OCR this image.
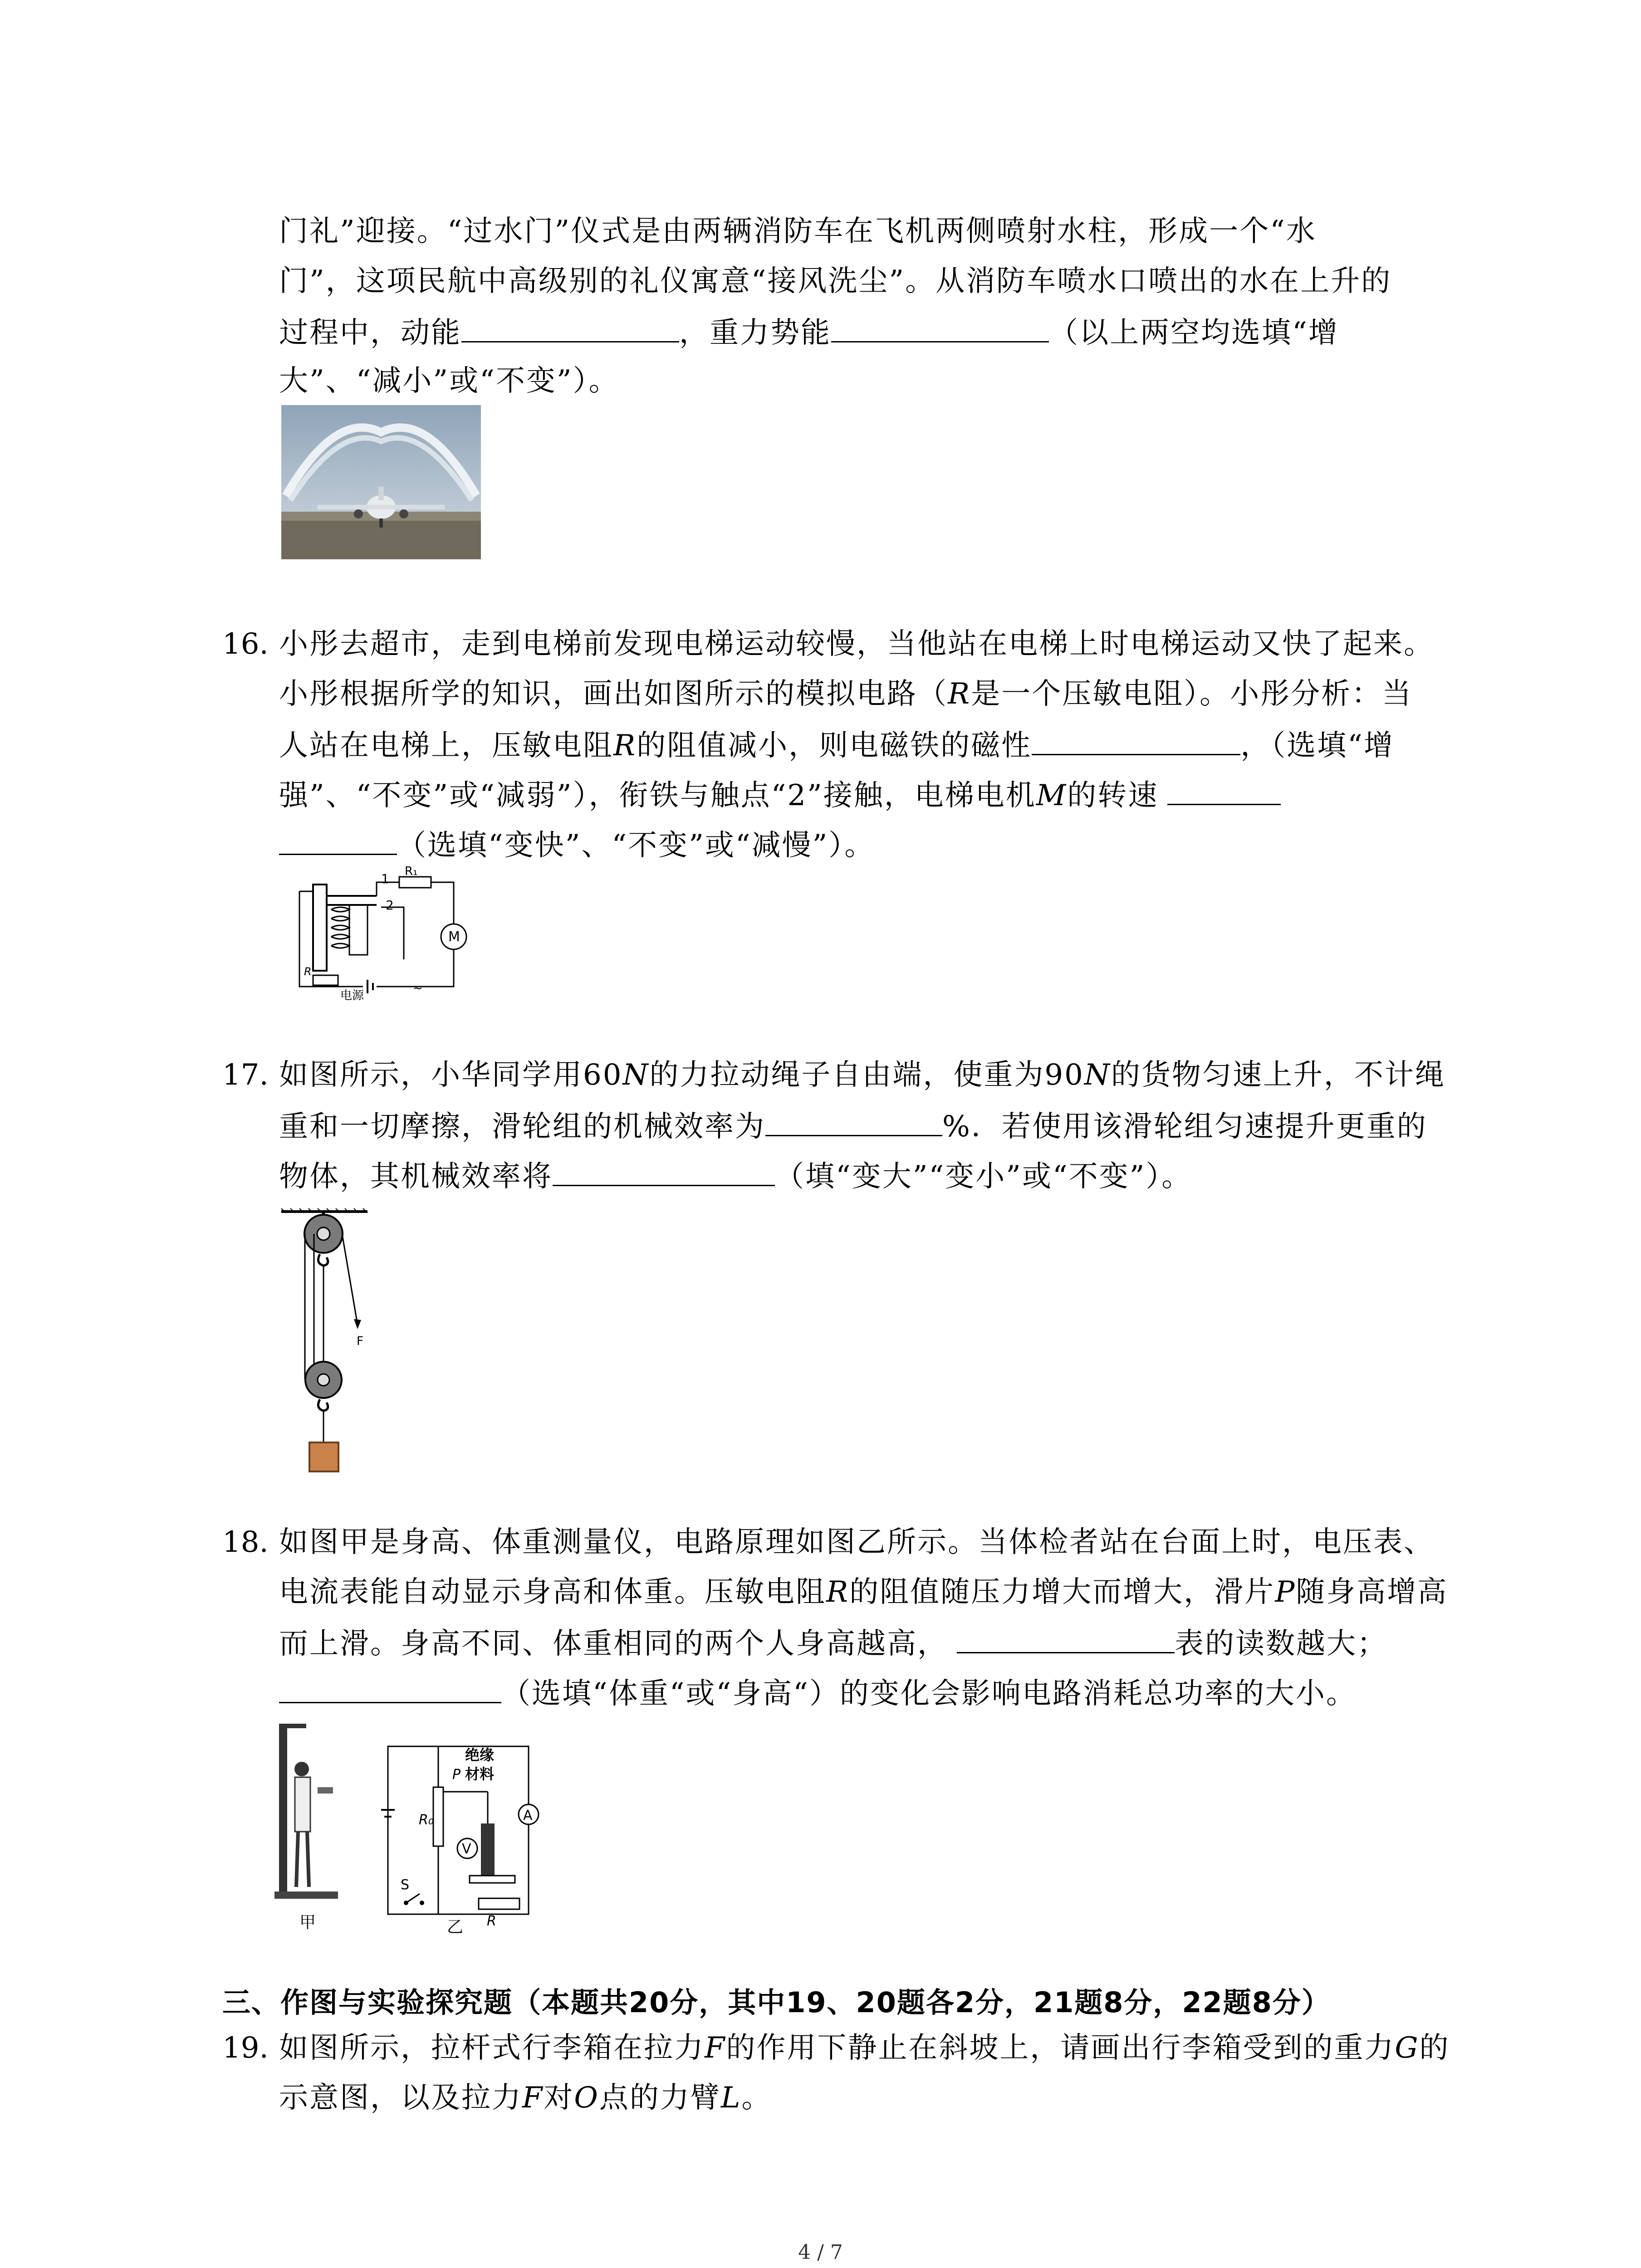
门礼”迎接。“过水门”仪式是由两辆消防车在飞机两侧喷射水柱，形成一个“水
门”，这项民航中高级别的礼仪寓意“接风洗尘”。从消防车喷水口喷出的水在上升的
过程中，动能	，重力势能	（以上两空均选填“增
大”、“减小”或“不变”）。
16. 小彤去超市，走到电梯前发现电梯运动较慢，当他站在电梯上时电梯运动又快了起来。
小彤根据所学的知识，画出如图所示的模拟电路（R是一个压敏电阻）。小彤分析：当
人站在电梯上，压敏电阻R的阻值减小，则电磁铁的磁性	，（选填“增
强”、“不变”或“减弱”），衔铁与触点“2”接触，电梯电机M的转速
（选填“变快”、“不变”或“减慢”）。
R₁
1
2
M
R
电源
~
17. 如图所示，小华同学用60N的力拉动绳子自由端，使重为90N的货物匀速上升，不计绳
重和一切摩擦，滑轮组的机械效率为	%．若使用该滑轮组匀速提升更重的
物体，其机械效率将	（填“变大”“变小”或“不变”）。
F
18. 如图甲是身高、体重测量仪，电路原理如图乙所示。当体检者站在台面上时，电压表、
电流表能自动显示身高和体重。压敏电阻R的阻值随压力增大而增大，滑片P随身高增高
而上滑。身高不同、体重相同的两个人身高越高，	表的读数越大；
（选填“体重“或“身高“）的变化会影响电路消耗总功率的大小。
甲
R₀
绝缘
材料
P
A
V
R
S
乙
三、作图与实验探究题（本题共20分，其中19、20题各2分，21题8分，22题8分）
19. 如图所示，拉杆式行李箱在拉力F的作用下静止在斜坡上，请画出行李箱受到的重力G的
示意图，以及拉力F对O点的力臂L。
4 / 7
